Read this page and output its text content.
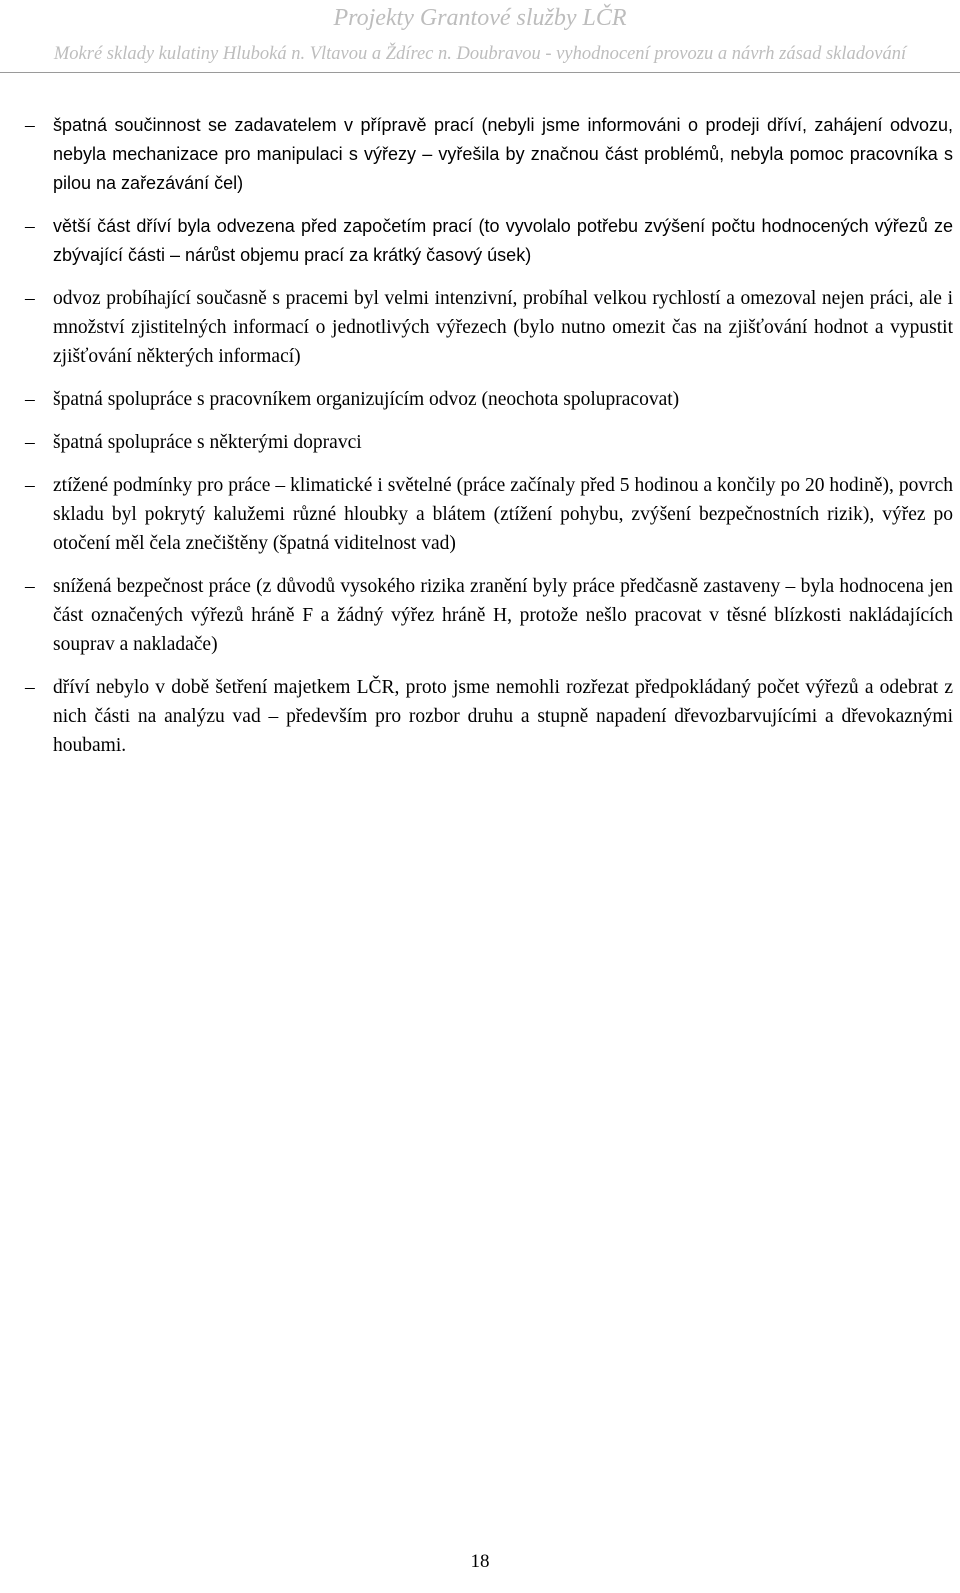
Projekty Grantové služby LČR
Mokré sklady kulatiny Hluboká n. Vltavou a Ždírec n. Doubravou - vyhodnocení provozu a návrh zásad skladování
– špatná součinnost se zadavatelem v přípravě prací (nebyli jsme informováni o prodeji dříví, zahájení odvozu, nebyla mechanizace pro manipulaci s výřezy – vyřešila by značnou část problémů, nebyla pomoc pracovníka s pilou na zařezávání čel)
– větší část dříví byla odvezena před započetím prací (to vyvolalo potřebu zvýšení počtu hodnocených výřezů ze zbývající části – nárůst objemu prací za krátký časový úsek)
– odvoz probíhající současně s pracemi byl velmi intenzivní, probíhal velkou rychlostí a omezoval nejen práci, ale i množství zjistitelných informací o jednotlivých výřezech (bylo nutno omezit čas na zjišťování hodnot a vypustit zjišťování některých informací)
– špatná spolupráce s pracovníkem organizujícím odvoz (neochota spolupracovat)
– špatná spolupráce s některými dopravci
– ztížené podmínky pro práce – klimatické i světelné (práce začínaly před 5 hodinou a končily po 20 hodině), povrch skladu byl pokrytý kalužemi různé hloubky a blátem (ztížení pohybu, zvýšení bezpečnostních rizik), výřez po otočení měl čela znečištěny (špatná viditelnost vad)
– snížená bezpečnost práce (z důvodů vysokého rizika zranění byly práce předčasně zastaveny – byla hodnocena jen část označených výřezů hráně F a žádný výřez hráně H, protože nešlo pracovat v těsné blízkosti nakládajících souprav a nakladače)
– dříví nebylo v době šetření majetkem LČR, proto jsme nemohli rozřezat předpokládaný počet výřezů a odebrat z nich části na analýzu vad – především pro rozbor druhu a stupně napadení dřevozbarvujícími a dřevokaznými houbami.
18
